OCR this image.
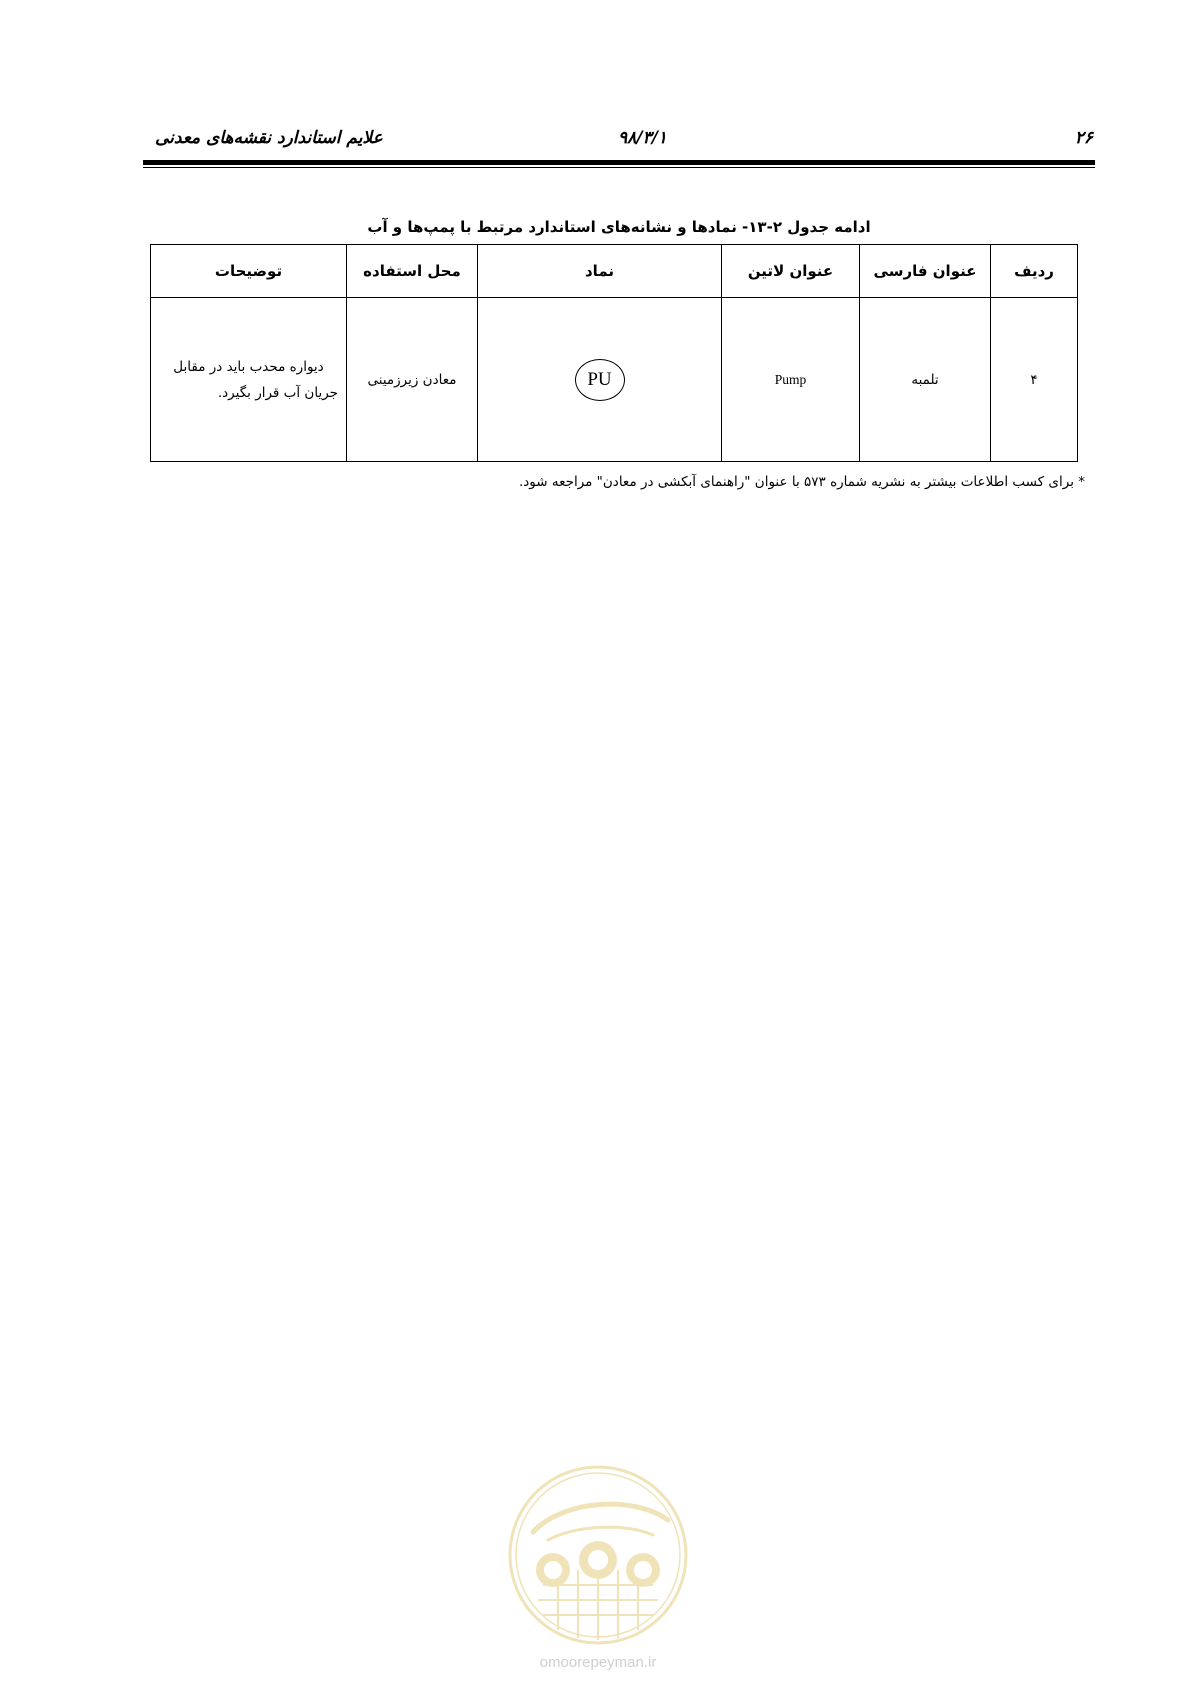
۲۶
۹۸/۳/۱
علایم استاندارد نقشه‌های معدنی
ادامه جدول ۲-۱۳- نمادها و نشانه‌های استاندارد مرتبط با پمپ‌ها و آب
ردیف	عنوان فارسی	عنوان لاتین	نماد	محل استفاده	توضیحات
۴	تلمبه	Pump	PU	معادن زیرزمینی	دیواره محدب باید در مقابل جریان آب قرار بگیرد.
* برای کسب اطلاعات بیشتر به نشریه شماره ۵۷۳ با عنوان "راهنمای آبکشی در معادن" مراجعه شود.
omoorepeyman.ir
